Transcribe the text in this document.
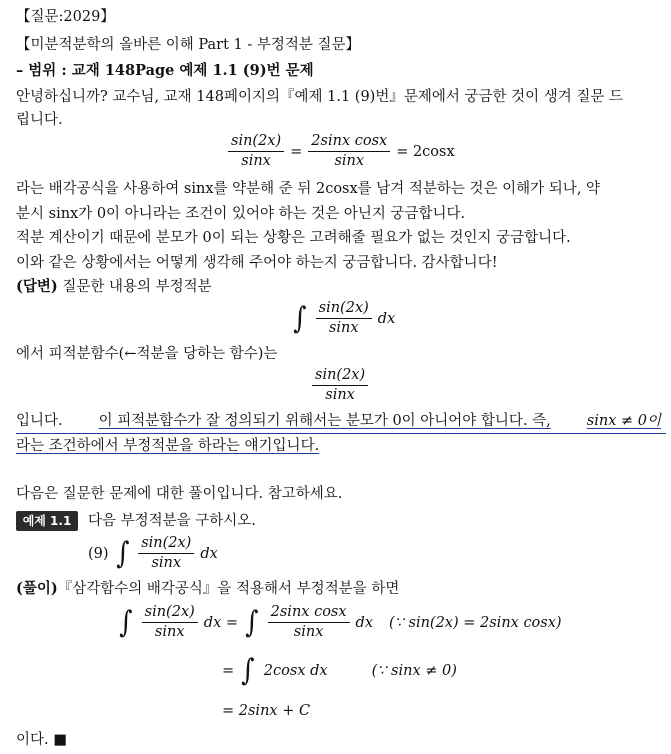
【질문:2029】
【미분적분학의 올바른 이해 Part 1 - 부정적분 질문】
– 범위 : 교재 148Page 예제 1.1 (9)번 문제
안녕하십니까? 교수님, 교재 148페이지의『예제 1.1 (9)번』문제에서 궁금한 것이 생겨 질문 드
립니다.
$\frac{\sin(2x)}{\sin x} = \frac{\text{2sinx cosx}}{\sin x} = 2\cos x$
라는 배각공식을 사용하여 sinx를 약분해 준 뒤 2cosx를 남겨 적분하는 것은 이해가 되나, 약
분시 sinx가 0이 아니라는 조건이 있어야 하는 것은 아닌지 궁금합니다.
적분 계산이기 때문에 분모가 0이 되는 상황은 고려해줄 필요가 없는 것인지 궁금합니다.
이와 같은 상황에서는 어떻게 생각해 주어야 하는지 궁금합니다. 감사합니다!
(답변) 질문한 내용의 부정적분
∫ $\frac{\sin(2x)}{\sin x}$ dx
에서 피적분함수(←적분을 당하는 함수)는
$\frac{\sin(2x)}{\sin x}$
입니다. 이 피적분함수가 잘 정의되기 위해서는 분모가 0이 아니어야 합니다. 즉, sinx ≠ 0이
라는 조건하에서 부정적분을 하라는 얘기입니다.
다음은 질문한 문제에 대한 풀이입니다. 참고하세요.
예제 1.1	다음 부정적분을 구하시오.
(9) ∫ $\frac{\sin(2x)}{\sin x}$ dx
(풀이)『삼각함수의 배각공식』을 적용해서 부정적분을 하면
∫ $\frac{\sin(2x)}{\sin x}$ dx = ∫ $\frac{\text{2sinx cosx}}{\sin x}$ dx (∵ sin(2x) = 2sinx cosx)
= ∫ 2cosx dx	(∵ sinx ≠ 0)
= 2sinx + C
이다. ■
